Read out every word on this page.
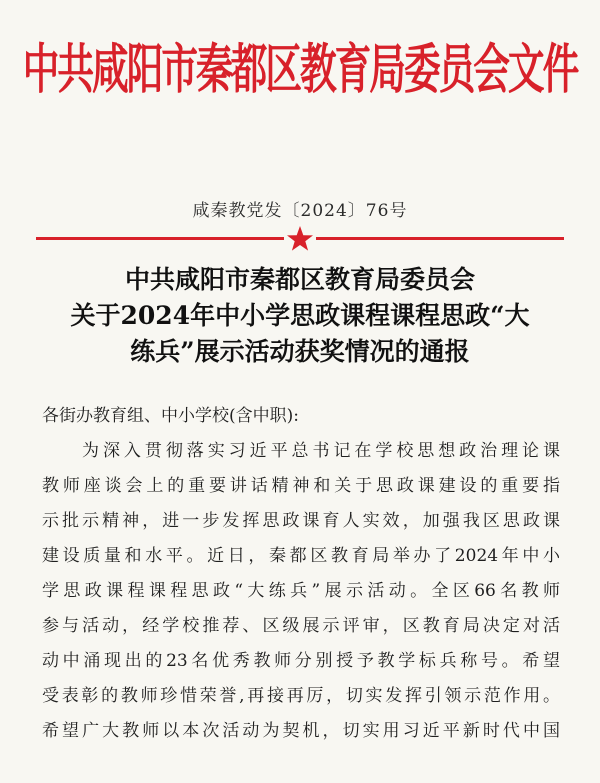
中共咸阳市秦都区教育局委员会文件
咸秦教党发〔2024〕76号
中共咸阳市秦都区教育局委员会
关于2024年中小学思政课程课程思政“大
练兵”展示活动获奖情况的通报
各街办教育组、中小学校(含中职):
为深入贯彻落实习近平总书记在学校思想政治理论课
教师座谈会上的重要讲话精神和关于思政课建设的重要指
示批示精神，进一步发挥思政课育人实效，加强我区思政课
建设质量和水平。近日，秦都区教育局举办了2024年中小
学思政课程课程思政“大练兵”展示活动。全区66名教师
参与活动，经学校推荐、区级展示评审，区教育局决定对活
动中涌现出的23名优秀教师分别授予教学标兵称号。希望
受表彰的教师珍惜荣誉,再接再厉，切实发挥引领示范作用。
希望广大教师以本次活动为契机，切实用习近平新时代中国
